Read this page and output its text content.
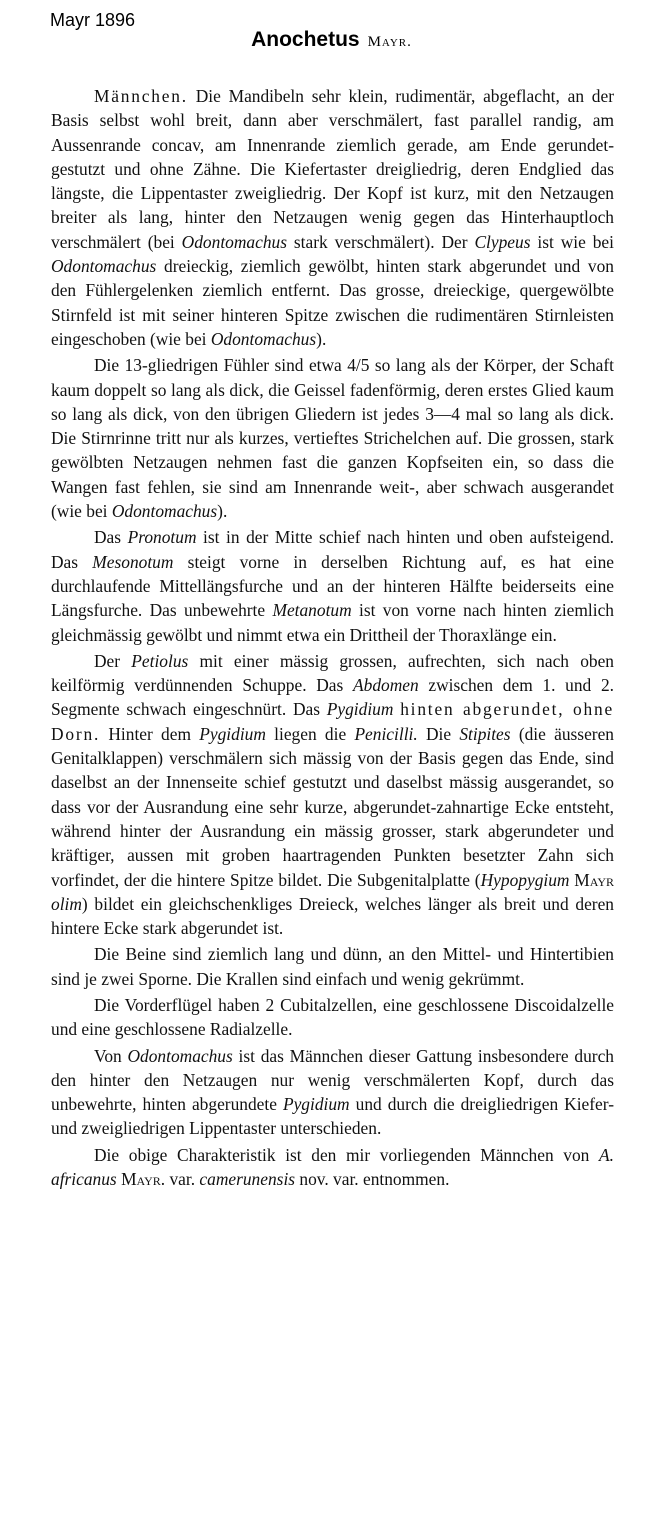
Mayr 1896
Anochetus Mayr.

Männchen. Die Mandibeln sehr klein, rudimentär, abgeflacht, an der Basis selbst wohl breit, dann aber verschmälert, fast parallel randig, am Aussenrande concav, am Innenrande ziemlich gerade, am Ende gerundet-gestutzt und ohne Zähne. Die Kiefertaster dreigliedrig, deren Endglied das längste, die Lippentaster zweigliedrig. Der Kopf ist kurz, mit den Netzaugen breiter als lang, hinter den Netzaugen wenig gegen das Hinterhauptloch verschmälert (bei Odontomachus stark verschmälert). Der Clypeus ist wie bei Odontomachus dreieckig, ziemlich gewölbt, hinten stark abgerundet und von den Fühlergelenken ziemlich entfernt. Das grosse, dreieckige, quergewölbte Stirnfeld ist mit seiner hinteren Spitze zwischen die rudimentären Stirnleisten eingeschoben (wie bei Odontomachus).

Die 13-gliedrigen Fühler sind etwa 4/5 so lang als der Körper, der Schaft kaum doppelt so lang als dick, die Geissel fadenförmig, deren erstes Glied kaum so lang als dick, von den übrigen Gliedern ist jedes 3—4 mal so lang als dick. Die Stirnrinne tritt nur als kurzes, vertieftes Strichelchen auf. Die grossen, stark gewölbten Netzaugen nehmen fast die ganzen Kopfseiten ein, so dass die Wangen fast fehlen, sie sind am Innenrande weit-, aber schwach ausgerandet (wie bei Odontomachus).

Das Pronotum ist in der Mitte schief nach hinten und oben aufsteigend. Das Mesonotum steigt vorne in derselben Richtung auf, es hat eine durchlaufende Mittellängsfurche und an der hinteren Hälfte beiderseits eine Längsfurche. Das unbewehrte Metanotum ist von vorne nach hinten ziemlich gleichmässig gewölbt und nimmt etwa ein Drittheil der Thoraxlänge ein.

Der Petiolus mit einer mässig grossen, aufrechten, sich nach oben keilförmig verdünnenden Schuppe. Das Abdomen zwischen dem 1. und 2. Segmente schwach eingeschnürt. Das Pygidium hinten abgerundet, ohne Dorn. Hinter dem Pygidium liegen die Penicilli. Die Stipites (die äusseren Genitalklappen) verschmälern sich mässig von der Basis gegen das Ende, sind daselbst an der Innenseite schief gestutzt und daselbst mässig ausgerandet, so dass vor der Ausrandung eine sehr kurze, abgerundet-zahnartige Ecke entsteht, während hinter der Ausrandung ein mässig grosser, stark abgerundeter und kräftiger, aussen mit groben haartragenden Punkten besetzter Zahn sich vorfindet, der die hintere Spitze bildet. Die Subgenitalplatte (Hypopygium Mayr olim) bildet ein gleichschenkliges Dreieck, welches länger als breit und deren hintere Ecke stark abgerundet ist.

Die Beine sind ziemlich lang und dünn, an den Mittel- und Hintertibien sind je zwei Sporne. Die Krallen sind einfach und wenig gekrümmt.

Die Vorderflügel haben 2 Cubitalzellen, eine geschlossene Discoidalzelle und eine geschlossene Radialzelle.

Von Odontomachus ist das Männchen dieser Gattung insbesondere durch den hinter den Netzaugen nur wenig verschmälerten Kopf, durch das unbewehrte, hinten abgerundete Pygidium und durch die dreigliedrigen Kiefer- und zweigliedrigen Lippentaster unterschieden.

Die obige Charakteristik ist den mir vorliegenden Männchen von A. africanus Mayr. var. camerunensis nov. var. entnommen.
